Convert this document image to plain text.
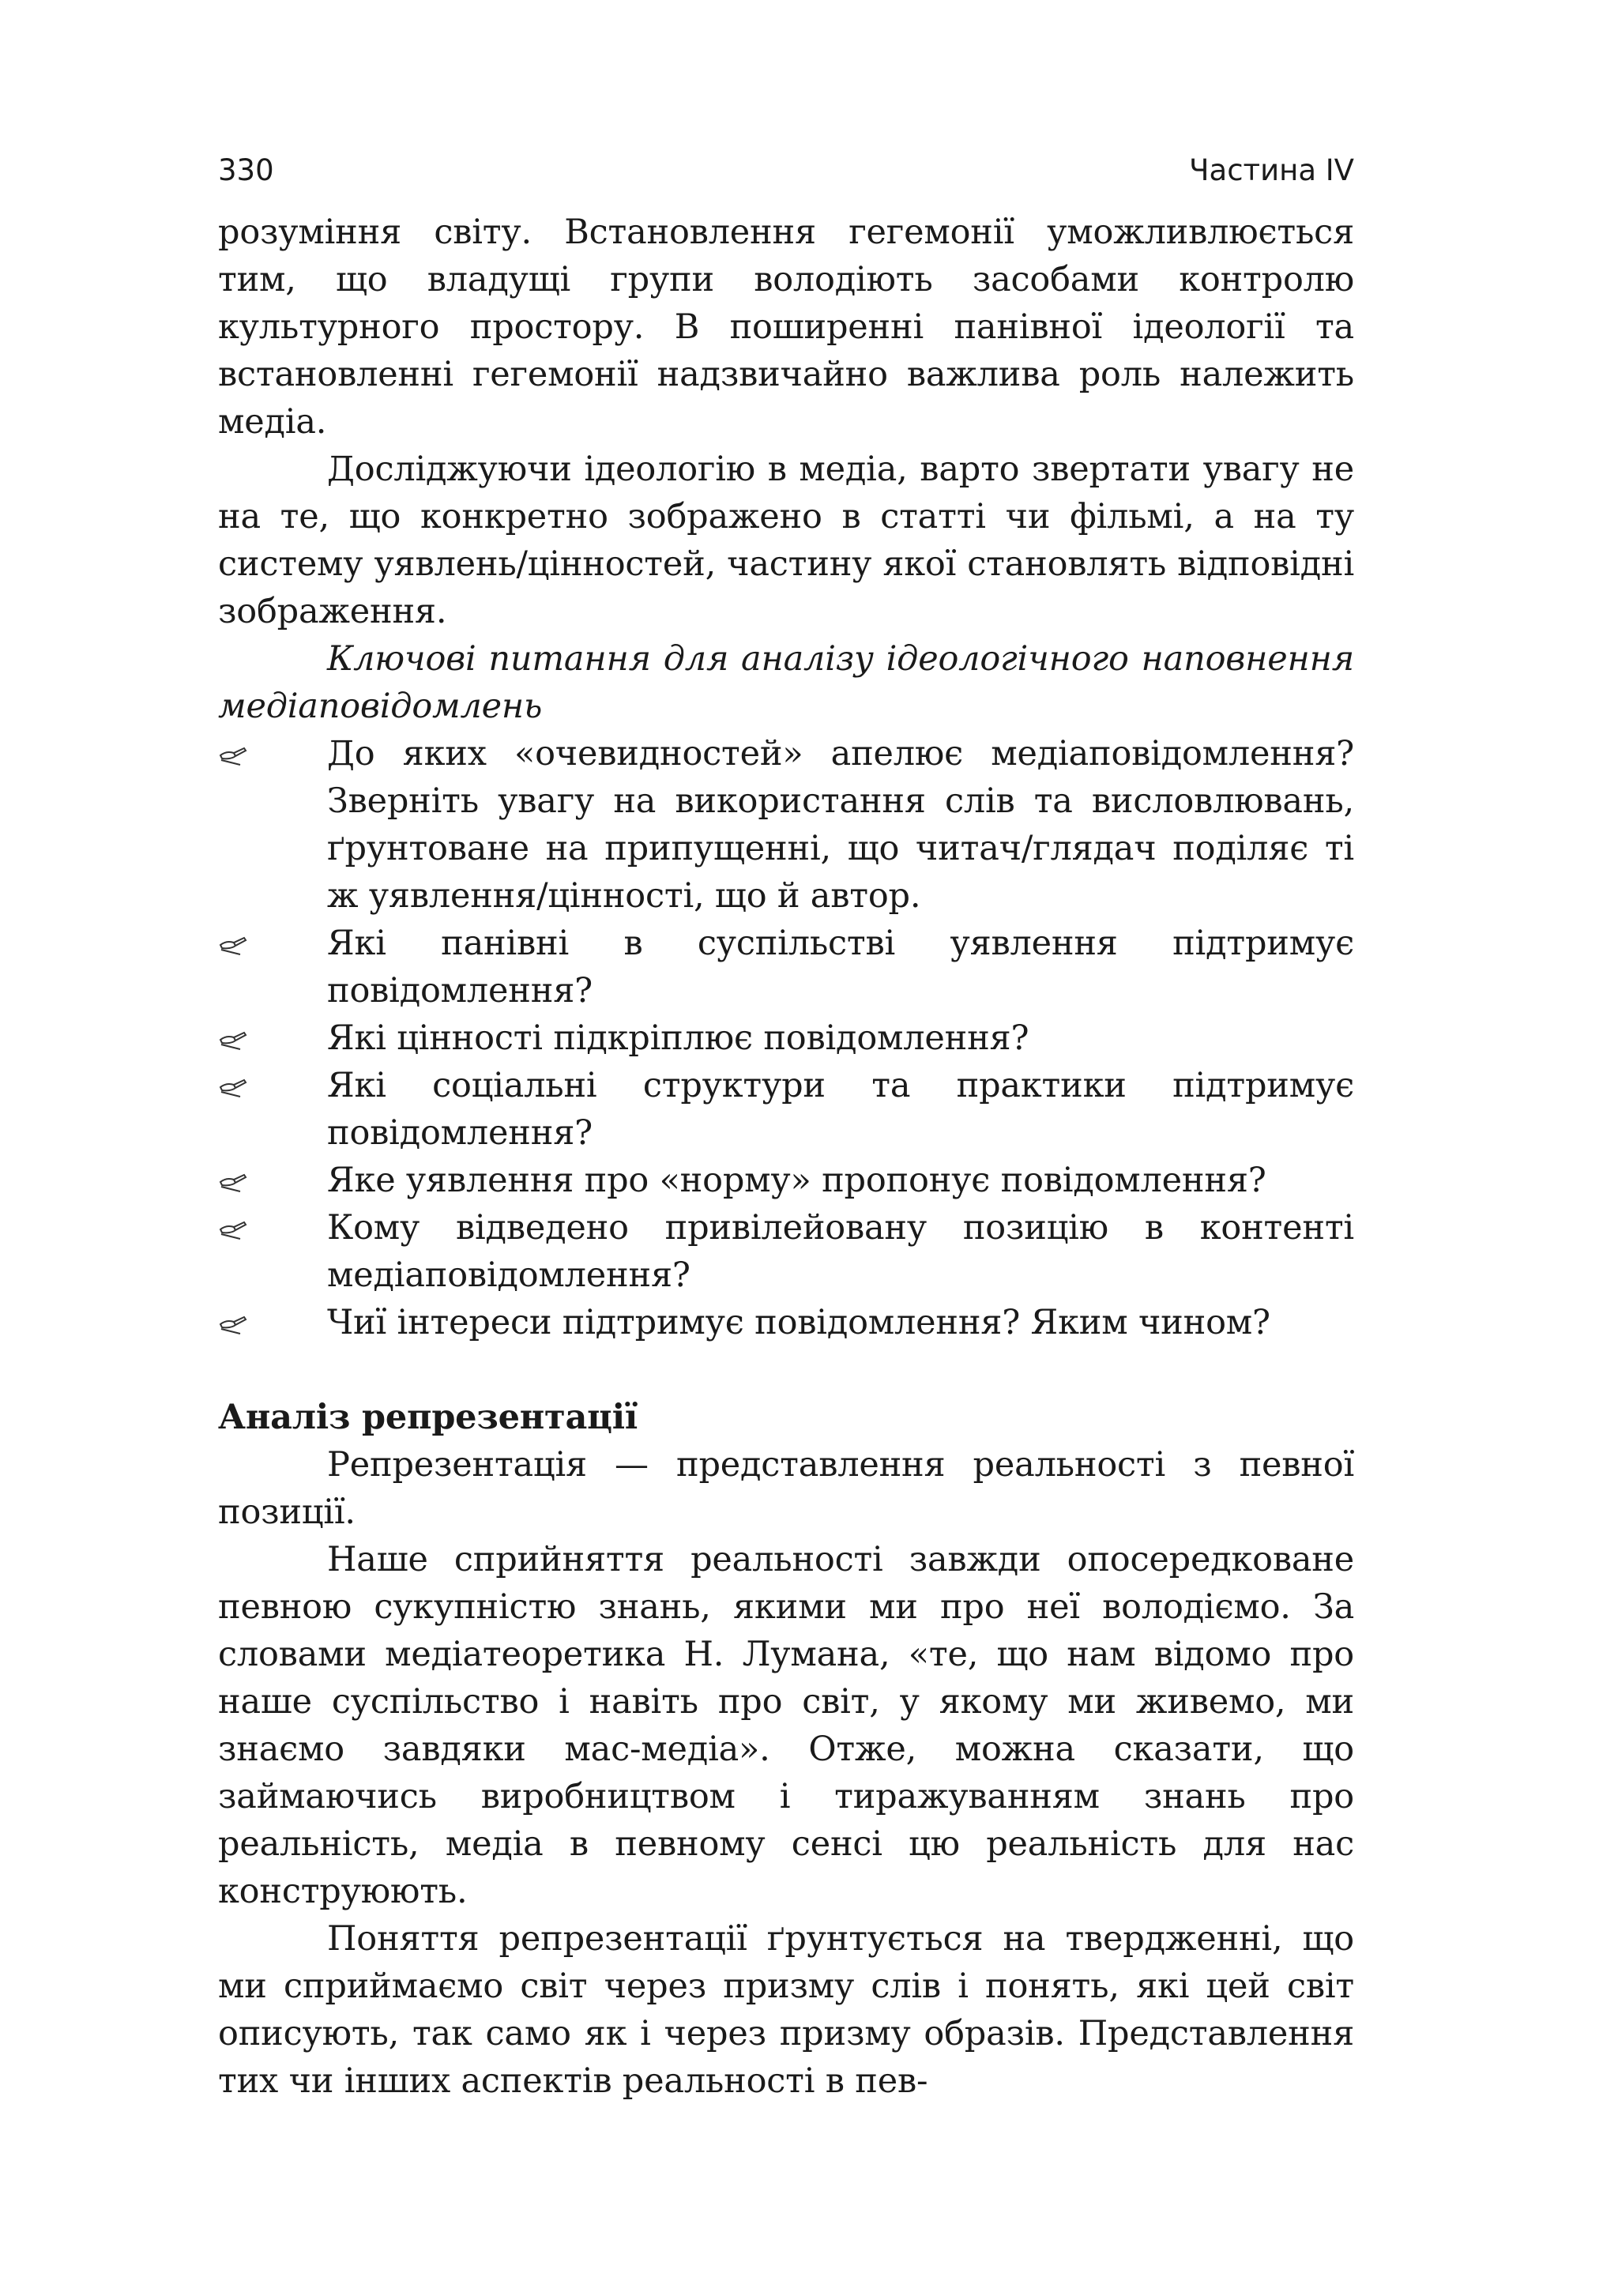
330	Частина IV

розуміння світу. Встановлення гегемонії уможливлюється тим, що владущі групи володіють засобами контролю культурного простору. В поширенні панівної ідеології та встановленні гегемонії надзвичайно важлива роль належить медіа.

Досліджуючи ідеологію в медіа, варто звертати увагу не на те, що конкретно зображено в статті чи фільмі, а на ту систему уявлень/цінностей, частину якої становлять відповідні зображення.

Ключові питання для аналізу ідеологічного наповнення медіаповідомлень

До яких «очевидностей» апелює медіаповідомлення? Зверніть увагу на використання слів та висловлювань, ґрунтоване на припущенні, що читач/глядач поділяє ті ж уявлення/цінності, що й автор.
Які панівні в суспільстві уявлення підтримує повідомлення?
Які цінності підкріплює повідомлення?
Які соціальні структури та практики підтримує повідомлення?
Яке уявлення про «норму» пропонує повідомлення?
Кому відведено привілейовану позицію в контенті медіаповідомлення?
Чиї інтереси підтримує повідомлення? Яким чином?
Аналіз репрезентації

Репрезентація — представлення реальності з певної позиції.

Наше сприйняття реальності завжди опосередковане певною сукупністю знань, якими ми про неї володіємо. За словами медіатеоретика Н. Лумана, «те, що нам відомо про наше суспільство і навіть про світ, у якому ми живемо, ми знаємо завдяки мас-медіа». Отже, можна сказати, що займаючись виробництвом і тиражуванням знань про реальність, медіа в певному сенсі цю реальність для нас конструюють.

Поняття репрезентації ґрунтується на твердженні, що ми сприймаємо світ через призму слів і понять, які цей світ описують, так само як і через призму образів. Представлення тих чи інших аспектів реальності в пев-
